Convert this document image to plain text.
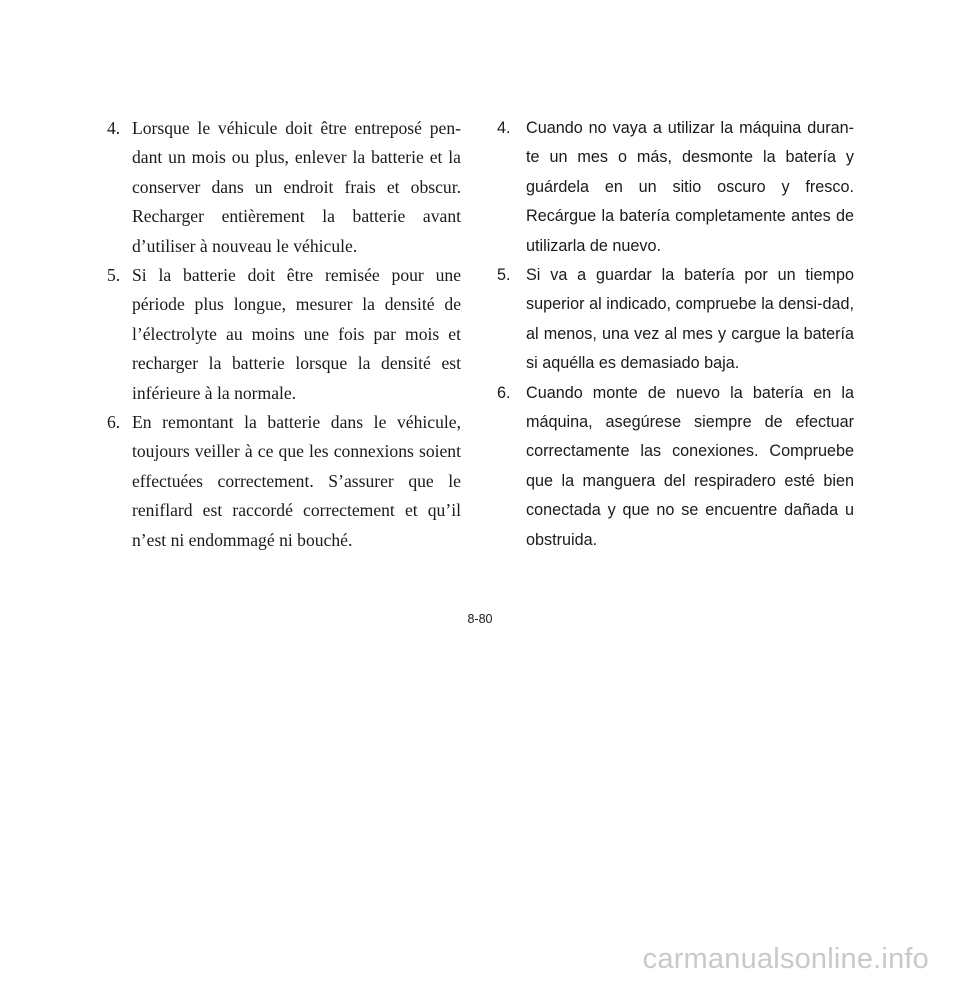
4. Lorsque le véhicule doit être entreposé pen-dant un mois ou plus, enlever la batterie et la conserver dans un endroit frais et obscur. Recharger entièrement la batterie avant d’utiliser à nouveau le véhicule.
5. Si la batterie doit être remisée pour une période plus longue, mesurer la densité de l’électrolyte au moins une fois par mois et recharger la batterie lorsque la densité est inférieure à la normale.
6. En remontant la batterie dans le véhicule, toujours veiller à ce que les connexions soient effectuées correctement. S’assurer que le reniflard est raccordé correctement et qu’il n’est ni endommagé ni bouché.
4. Cuando no vaya a utilizar la máquina duran-te un mes o más, desmonte la batería y guárdela en un sitio oscuro y fresco. Recárgue la batería completamente antes de utilizarla de nuevo.
5. Si va a guardar la batería por un tiempo superior al indicado, compruebe la densi-dad, al menos, una vez al mes y cargue la batería si aquélla es demasiado baja.
6. Cuando monte de nuevo la batería en la máquina, asegúrese siempre de efectuar correctamente las conexiones. Compruebe que la manguera del respiradero esté bien conectada y que no se encuentre dañada u obstruida.
8-80
carmanualsonline.info
